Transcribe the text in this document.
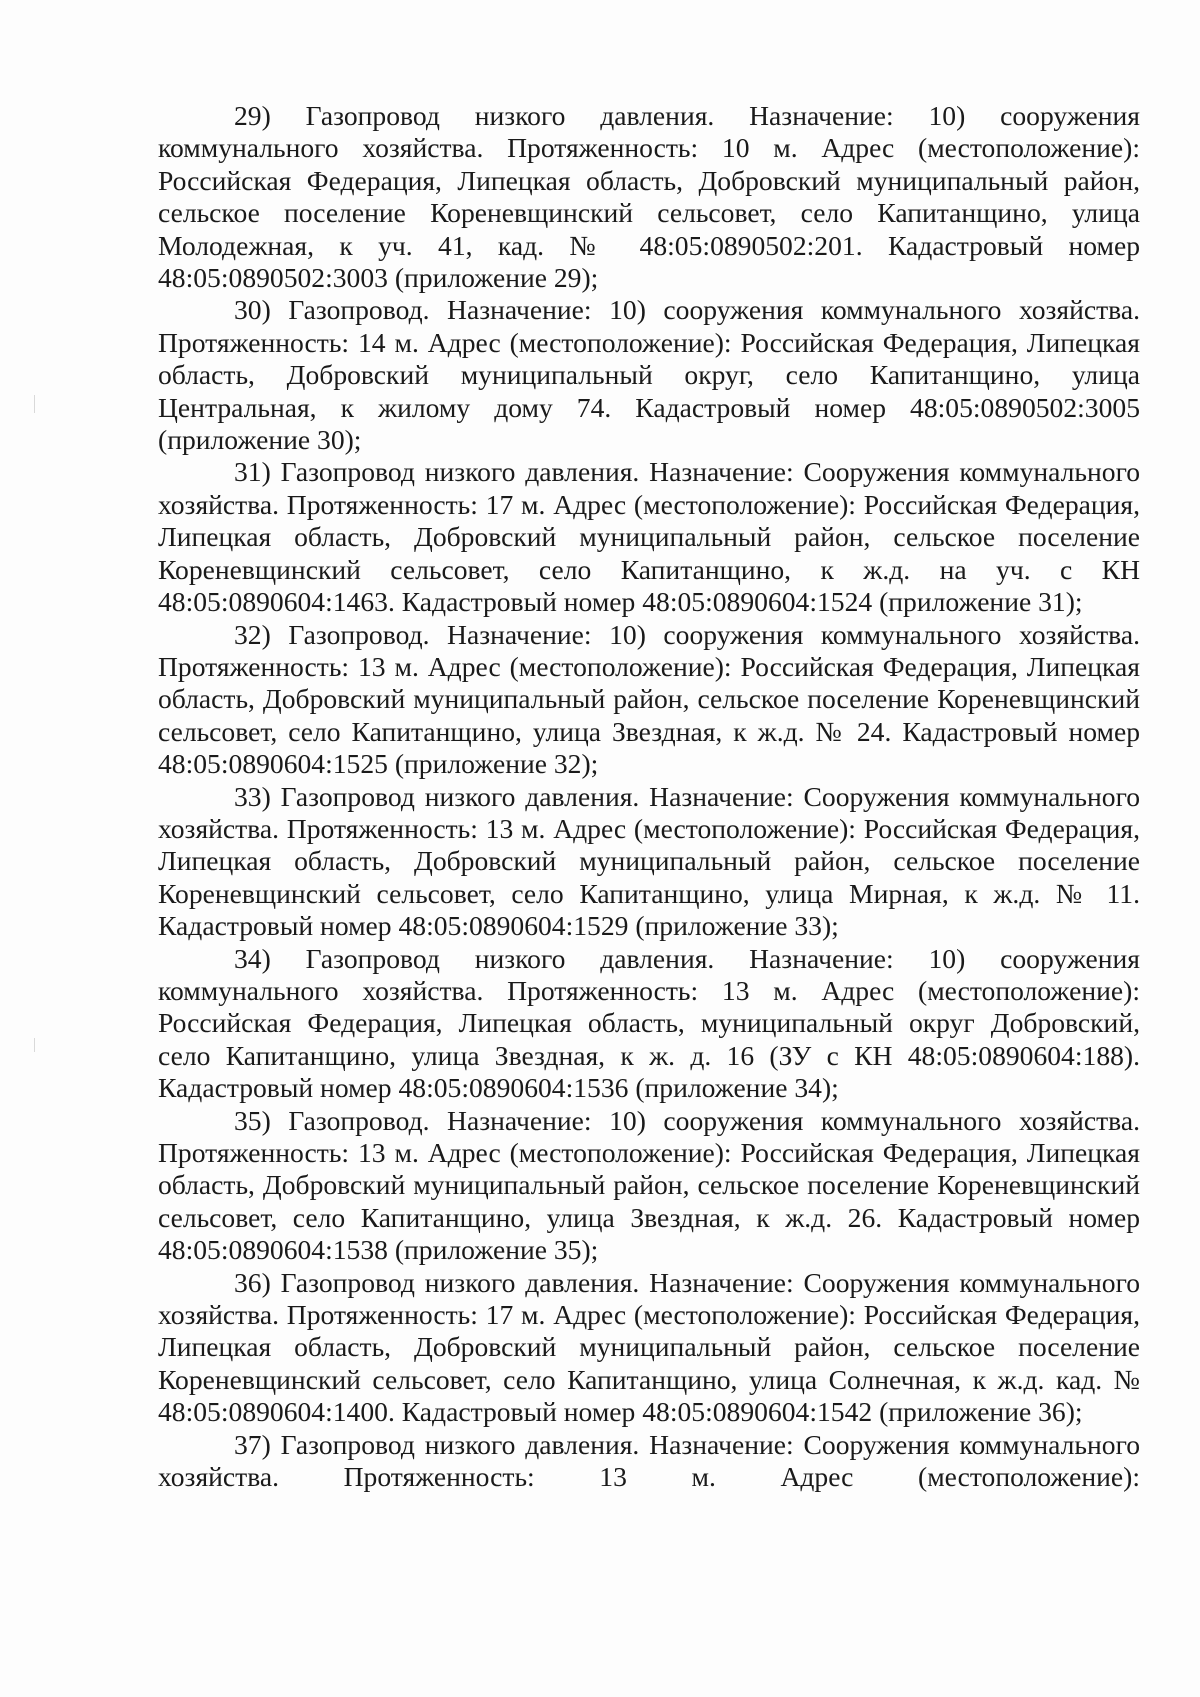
29) Газопровод низкого давления. Назначение: 10) сооружения коммунального хозяйства. Протяженность: 10 м. Адрес (местоположение): Российская Федерация, Липецкая область, Добровский муниципальный район, сельское поселение Кореневщинский сельсовет, село Капитанщино, улица Молодежная, к уч. 41, кад. № 48:05:0890502:201. Кадастровый номер 48:05:0890502:3003 (приложение 29);

30) Газопровод. Назначение: 10) сооружения коммунального хозяйства. Протяженность: 14 м. Адрес (местоположение): Российская Федерация, Липецкая область, Добровский муниципальный округ, село Капитанщино, улица Центральная, к жилому дому 74. Кадастровый номер 48:05:0890502:3005 (приложение 30);

31) Газопровод низкого давления. Назначение: Сооружения коммунального хозяйства. Протяженность: 17 м. Адрес (местоположение): Российская Федерация, Липецкая область, Добровский муниципальный район, сельское поселение Кореневщинский сельсовет, село Капитанщино, к ж.д. на уч. с КН 48:05:0890604:1463. Кадастровый номер 48:05:0890604:1524 (приложение 31);

32) Газопровод. Назначение: 10) сооружения коммунального хозяйства. Протяженность: 13 м. Адрес (местоположение): Российская Федерация, Липецкая область, Добровский муниципальный район, сельское поселение Кореневщинский сельсовет, село Капитанщино, улица Звездная, к ж.д. № 24. Кадастровый номер 48:05:0890604:1525 (приложение 32);

33) Газопровод низкого давления. Назначение: Сооружения коммунального хозяйства. Протяженность: 13 м. Адрес (местоположение): Российская Федерация, Липецкая область, Добровский муниципальный район, сельское поселение Кореневщинский сельсовет, село Капитанщино, улица Мирная, к ж.д. № 11. Кадастровый номер 48:05:0890604:1529 (приложение 33);

34) Газопровод низкого давления. Назначение: 10) сооружения коммунального хозяйства. Протяженность: 13 м. Адрес (местоположение): Российская Федерация, Липецкая область, муниципальный округ Добровский, село Капитанщино, улица Звездная, к ж. д. 16 (ЗУ с КН 48:05:0890604:188). Кадастровый номер 48:05:0890604:1536 (приложение 34);

35) Газопровод. Назначение: 10) сооружения коммунального хозяйства. Протяженность: 13 м. Адрес (местоположение): Российская Федерация, Липецкая область, Добровский муниципальный район, сельское поселение Кореневщинский сельсовет, село Капитанщино, улица Звездная, к ж.д. 26. Кадастровый номер 48:05:0890604:1538 (приложение 35);

36) Газопровод низкого давления. Назначение: Сооружения коммунального хозяйства. Протяженность: 17 м. Адрес (местоположение): Российская Федерация, Липецкая область, Добровский муниципальный район, сельское поселение Кореневщинский сельсовет, село Капитанщино, улица Солнечная, к ж.д. кад. № 48:05:0890604:1400. Кадастровый номер 48:05:0890604:1542 (приложение 36);

37) Газопровод низкого давления. Назначение: Сооружения коммунального хозяйства. Протяженность: 13 м. Адрес (местоположение):
